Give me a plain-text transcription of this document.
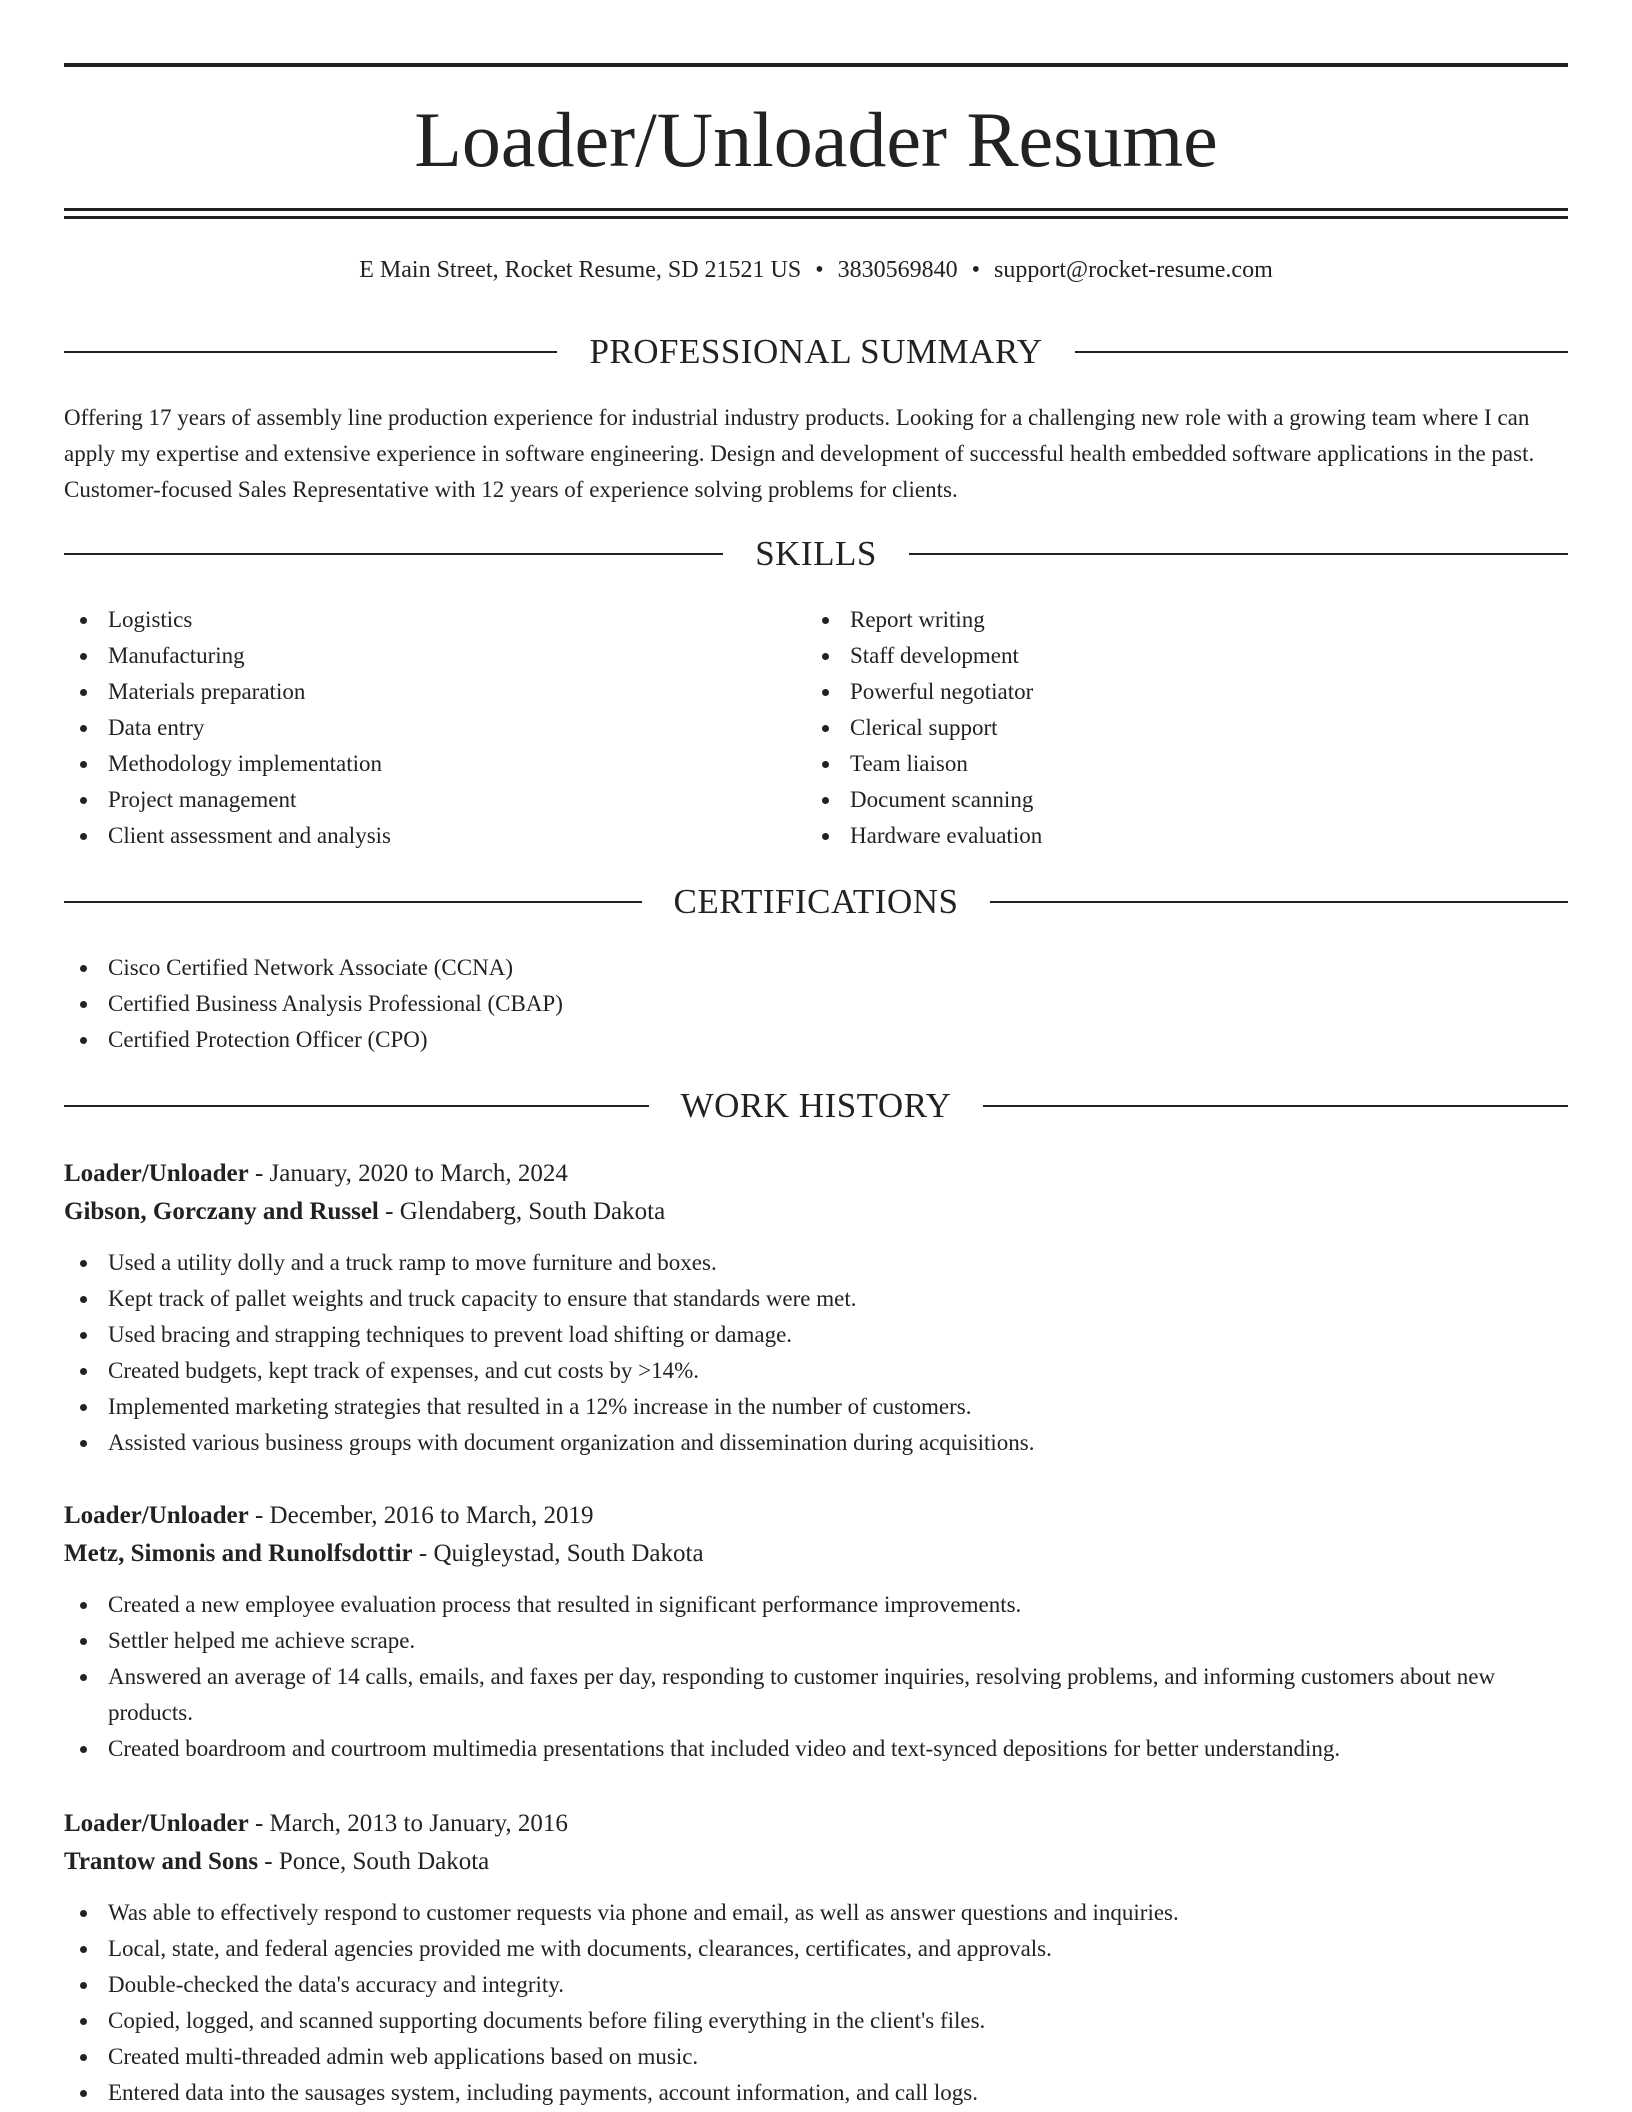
Loader/Unloader Resume
E Main Street, Rocket Resume, SD 21521 US • 3830569840 • support@rocket-resume.com
PROFESSIONAL SUMMARY

Offering 17 years of assembly line production experience for industrial industry products. Looking for a challenging new role with a growing team where I can apply my expertise and extensive experience in software engineering. Design and development of successful health embedded software applications in the past. Customer-focused Sales Representative with 12 years of experience solving problems for clients.

SKILLS
Logistics
Manufacturing
Materials preparation
Data entry
Methodology implementation
Project management
Client assessment and analysis
Report writing
Staff development
Powerful negotiator
Clerical support
Team liaison
Document scanning
Hardware evaluation
CERTIFICATIONS
Cisco Certified Network Associate (CCNA)
Certified Business Analysis Professional (CBAP)
Certified Protection Officer (CPO)
WORK HISTORY
Loader/Unloader - January, 2020 to March, 2024
Gibson, Gorczany and Russel - Glendaberg, South Dakota
Used a utility dolly and a truck ramp to move furniture and boxes.
Kept track of pallet weights and truck capacity to ensure that standards were met.
Used bracing and strapping techniques to prevent load shifting or damage.
Created budgets, kept track of expenses, and cut costs by >14%.
Implemented marketing strategies that resulted in a 12% increase in the number of customers.
Assisted various business groups with document organization and dissemination during acquisitions.
Loader/Unloader - December, 2016 to March, 2019
Metz, Simonis and Runolfsdottir - Quigleystad, South Dakota
Created a new employee evaluation process that resulted in significant performance improvements.
Settler helped me achieve scrape.
Answered an average of 14 calls, emails, and faxes per day, responding to customer inquiries, resolving problems, and informing customers about new products.
Created boardroom and courtroom multimedia presentations that included video and text-synced depositions for better understanding.
Loader/Unloader - March, 2013 to January, 2016
Trantow and Sons - Ponce, South Dakota
Was able to effectively respond to customer requests via phone and email, as well as answer questions and inquiries.
Local, state, and federal agencies provided me with documents, clearances, certificates, and approvals.
Double-checked the data's accuracy and integrity.
Copied, logged, and scanned supporting documents before filing everything in the client's files.
Created multi-threaded admin web applications based on music.
Entered data into the sausages system, including payments, account information, and call logs.
